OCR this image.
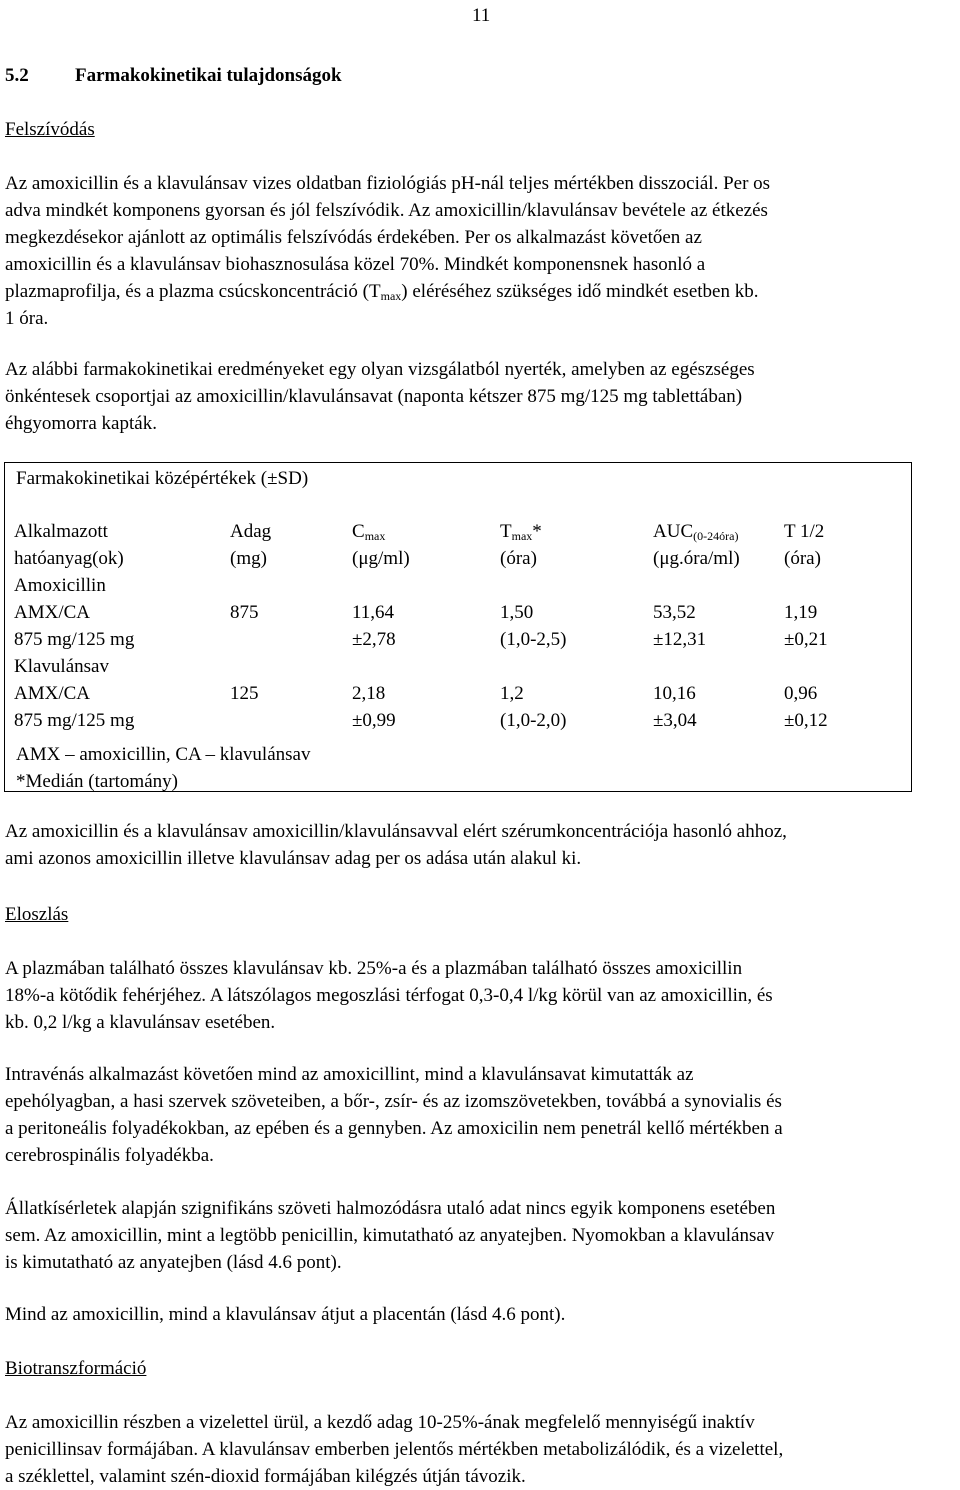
11
5.2 Farmakokinetikai tulajdonságok
Felszívódás
Az amoxicillin és a klavulánsav vizes oldatban fiziológiás pH-nál teljes mértékben disszociál. Per os
adva mindkét komponens gyorsan és jól felszívódik. Az amoxicillin/klavulánsav bevétele az étkezés
megkezdésekor ajánlott az optimális felszívódás érdekében. Per os alkalmazást követően az
amoxicillin és a klavulánsav biohasznosulása közel 70%. Mindkét komponensnek hasonló a
plazmaprofilja, és a plazma csúcskoncentráció $(T_{max})$ eléréséhez szükséges idő mindkét esetben kb.
1 óra.
Az alábbi farmakokinetikai eredményeket egy olyan vizsgálatból nyerték, amelyben az egészséges
önkéntesek csoportjai az amoxicillin/klavulánsavat (naponta kétszer 875 mg/125 mg tablettában)
éhgyomorra kapták.
Farmakokinetikai középértékek (±SD)
Alkalmazott	Adag	$C_{max}$	$T_{max}*$	$AUC_{(0-24óra)}$	T 1/2
hatóanyag(ok)	(mg)	(μg/ml)	(óra)	(μg.óra/ml)	(óra)
Amoxicillin					
AMX/CA	875	11,64	1,50	53,52	1,19
875 mg/125 mg		±2,78	(1,0-2,5)	±12,31	±0,21
Klavulánsav					
AMX/CA	125	2,18	1,2	10,16	0,96
875 mg/125 mg		±0,99	(1,0-2,0)	±3,04	±0,12
AMX – amoxicillin, CA – klavulánsav
*Medián (tartomány)
Az amoxicillin és a klavulánsav amoxicillin/klavulánsavval elért szérumkoncentrációja hasonló ahhoz,
ami azonos amoxicillin illetve klavulánsav adag per os adása után alakul ki.
Eloszlás
A plazmában található összes klavulánsav kb. 25%-a és a plazmában található összes amoxicillin
18%-a kötődik fehérjéhez. A látszólagos megoszlási térfogat 0,3-0,4 l/kg körül van az amoxicillin, és
kb. 0,2 l/kg a klavulánsav esetében.
Intravénás alkalmazást követően mind az amoxicillint, mind a klavulánsavat kimutatták az
epehólyagban, a hasi szervek szöveteiben, a bőr-, zsír- és az izomszövetekben, továbbá a synovialis és
a peritoneális folyadékokban, az epében és a gennyben. Az amoxicilin nem penetrál kellő mértékben a
cerebrospinális folyadékba.
Állatkísérletek alapján szignifikáns szöveti halmozódásra utaló adat nincs egyik komponens esetében
sem. Az amoxicillin, mint a legtöbb penicillin, kimutatható az anyatejben. Nyomokban a klavulánsav
is kimutatható az anyatejben (lásd 4.6 pont).
Mind az amoxicillin, mind a klavulánsav átjut a placentán (lásd 4.6 pont).
Biotranszformáció
Az amoxicillin részben a vizelettel ürül, a kezdő adag 10-25%-ának megfelelő mennyiségű inaktív
penicillinsav formájában. A klavulánsav emberben jelentős mértékben metabolizálódik, és a vizelettel,
a széklettel, valamint szén-dioxid formájában kilégzés útján távozik.
